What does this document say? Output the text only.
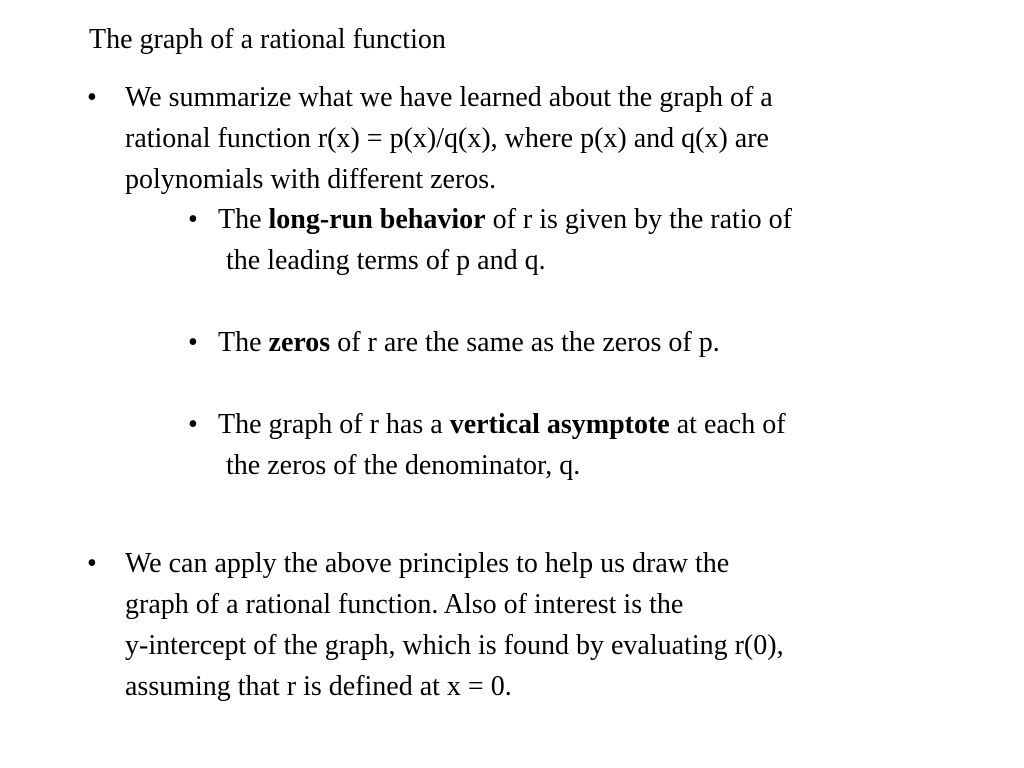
The graph of a rational function
• We summarize what we have learned about the graph of a
rational function r(x) = p(x)/q(x), where p(x) and q(x) are
polynomials with different zeros.
• The long-run behavior of r is given by the ratio of
the leading terms of p and q.
• The zeros of r are the same as the zeros of p.
• The graph of r has a vertical asymptote at each of
the zeros of the denominator, q.
• We can apply the above principles to help us draw the
graph of a rational function. Also of interest is the
y-intercept of the graph, which is found by evaluating r(0),
assuming that r is defined at x = 0.
